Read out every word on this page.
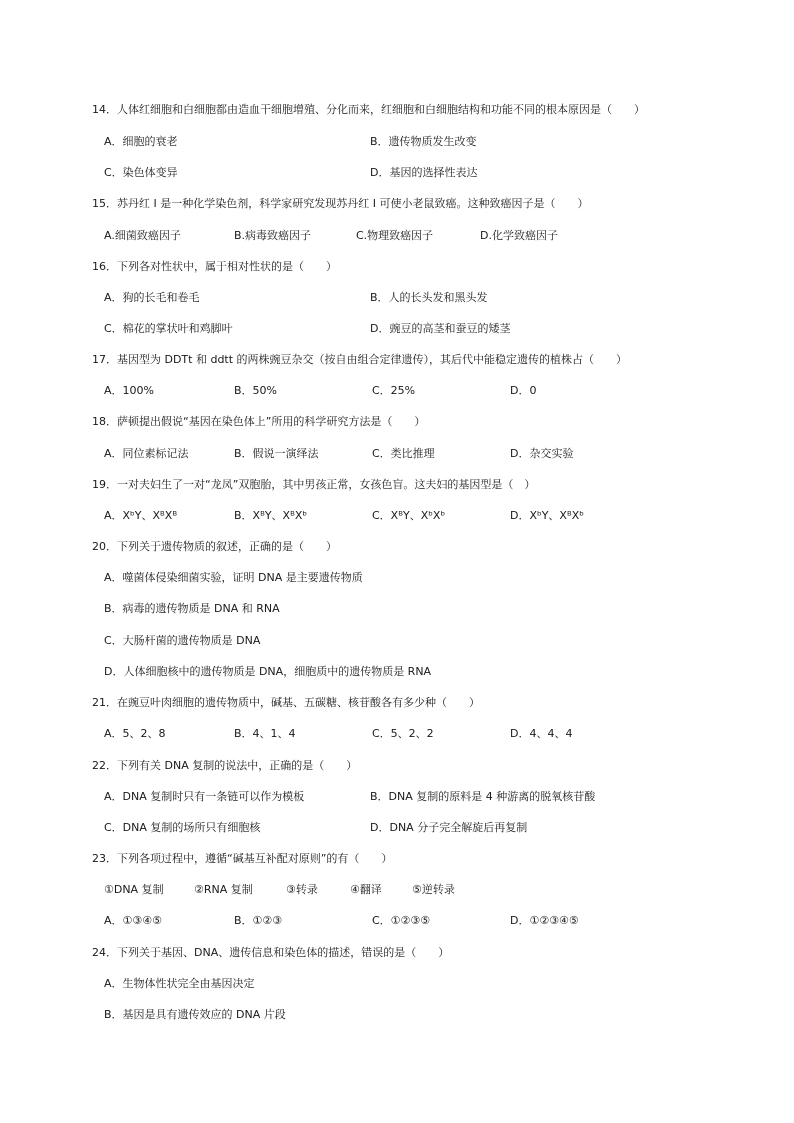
14．人体红细胞和白细胞都由造血干细胞增殖、分化而来，红细胞和白细胞结构和功能不同的根本原因是（　　）
A．细胞的衰老	B．遗传物质发生改变
C．染色体变异	D．基因的选择性表达
15．苏丹红 Ⅰ 是一种化学染色剂，科学家研究发现苏丹红 Ⅰ 可使小老鼠致癌。这种致癌因子是（　　）
A.细菌致癌因子	B.病毒致癌因子	C.物理致癌因子	D.化学致癌因子
16．下列各对性状中，属于相对性状的是（　　）
A．狗的长毛和卷毛	B．人的长头发和黑头发
C．棉花的掌状叶和鸡脚叶	D．豌豆的高茎和蚕豆的矮茎
17．基因型为 DDTt 和 ddtt 的两株豌豆杂交（按自由组合定律遗传），其后代中能稳定遗传的植株占（　　）
A．100%	B．50%	C．25%	D．0
18．萨顿提出假说“基因在染色体上”所用的科学研究方法是（　　）
A．同位素标记法	B．假说一演绎法	C．类比推理	D．杂交实验
19．一对夫妇生了一对“龙凤”双胞胎，其中男孩正常，女孩色盲。这夫妇的基因型是（　）
A．XᵇY、XᴮXᴮ	B．XᴮY、XᴮXᵇ	C．XᴮY、XᵇXᵇ	D．XᵇY、XᴮXᵇ
20．下列关于遗传物质的叙述，正确的是（　　）
A．噬菌体侵染细菌实验，证明 DNA 是主要遗传物质
B．病毒的遗传物质是 DNA 和 RNA
C．大肠杆菌的遗传物质是 DNA
D．人体细胞核中的遗传物质是 DNA，细胞质中的遗传物质是 RNA
21．在豌豆叶肉细胞的遗传物质中，碱基、五碳糖、核苷酸各有多少种（　　）
A．5、2、8	B．4、1、4	C．5、2、2	D．4、4、4
22．下列有关 DNA 复制的说法中，正确的是（　　）
A．DNA 复制时只有一条链可以作为模板	B．DNA 复制的原料是 4 种游离的脱氧核苷酸
C．DNA 复制的场所只有细胞核	D．DNA 分子完全解旋后再复制
23．下列各项过程中，遵循“碱基互补配对原则”的有（　　）
①DNA 复制	②RNA 复制	③转录	④翻译	⑤逆转录
A．①③④⑤	B．①②③	C．①②③⑤	D．①②③④⑤
24．下列关于基因、DNA、遗传信息和染色体的描述，错误的是（　　）
A．生物体性状完全由基因决定
B．基因是具有遗传效应的 DNA 片段
